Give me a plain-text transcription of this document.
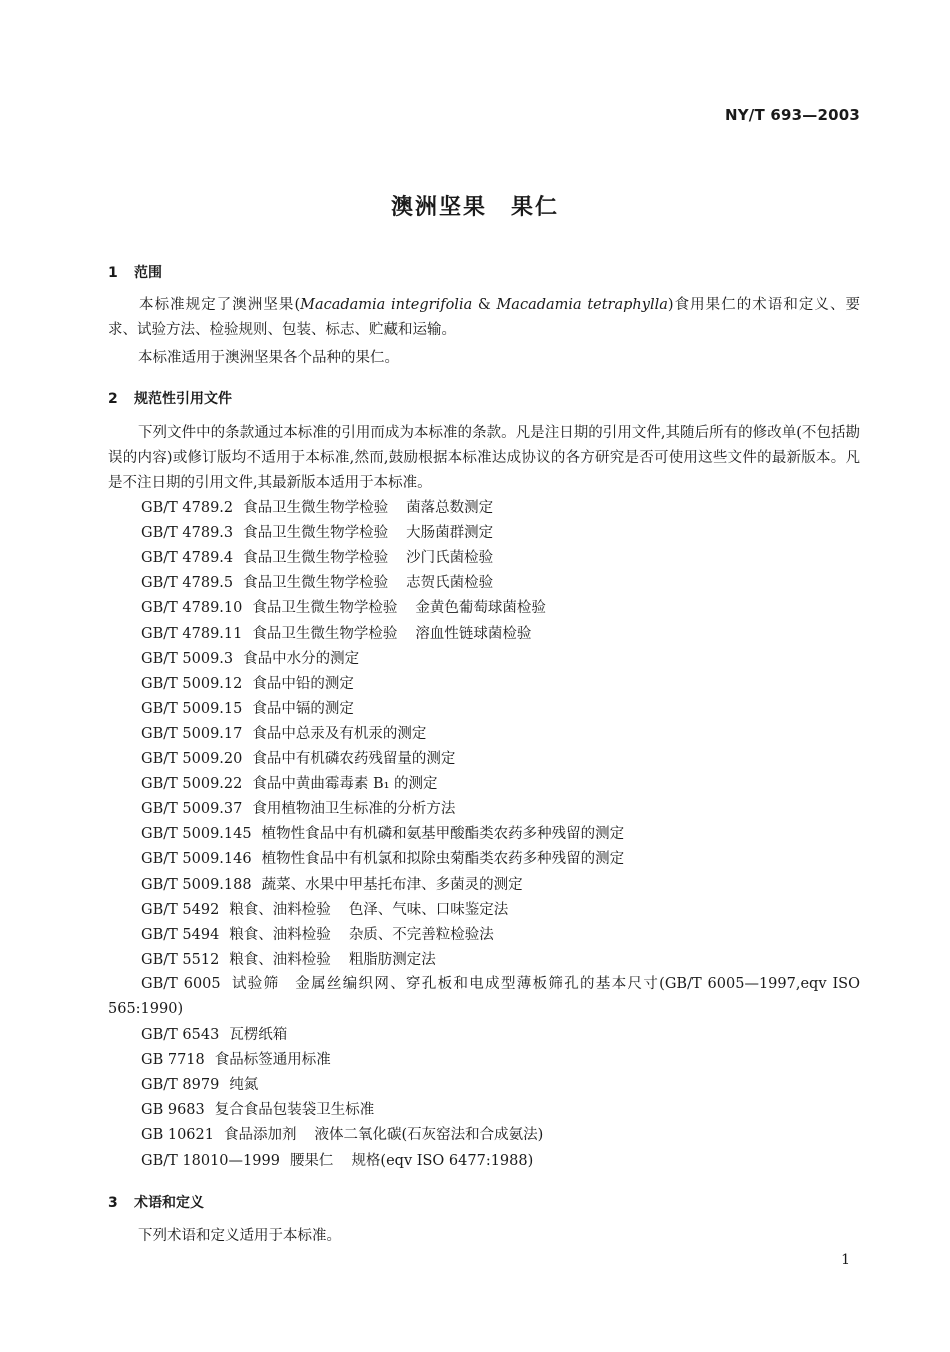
NY/T 693—2003
澳洲坚果　果仁
1 范围
本标准规定了澳洲坚果(Macadamia integrifolia & Macadamia tetraphylla)食用果仁的术语和定义、要求、试验方法、检验规则、包装、标志、贮藏和运输。
本标准适用于澳洲坚果各个品种的果仁。
2 规范性引用文件
下列文件中的条款通过本标准的引用而成为本标准的条款。凡是注日期的引用文件,其随后所有的修改单(不包括勘误的内容)或修订版均不适用于本标准,然而,鼓励根据本标准达成协议的各方研究是否可使用这些文件的最新版本。凡是不注日期的引用文件,其最新版本适用于本标准。
GB/T 4789.2 食品卫生微生物学检验 菌落总数测定
GB/T 4789.3 食品卫生微生物学检验 大肠菌群测定
GB/T 4789.4 食品卫生微生物学检验 沙门氏菌检验
GB/T 4789.5 食品卫生微生物学检验 志贺氏菌检验
GB/T 4789.10 食品卫生微生物学检验 金黄色葡萄球菌检验
GB/T 4789.11 食品卫生微生物学检验 溶血性链球菌检验
GB/T 5009.3 食品中水分的测定
GB/T 5009.12 食品中铅的测定
GB/T 5009.15 食品中镉的测定
GB/T 5009.17 食品中总汞及有机汞的测定
GB/T 5009.20 食品中有机磷农药残留量的测定
GB/T 5009.22 食品中黄曲霉毒素 B₁ 的测定
GB/T 5009.37 食用植物油卫生标准的分析方法
GB/T 5009.145 植物性食品中有机磷和氨基甲酸酯类农药多种残留的测定
GB/T 5009.146 植物性食品中有机氯和拟除虫菊酯类农药多种残留的测定
GB/T 5009.188 蔬菜、水果中甲基托布津、多菌灵的测定
GB/T 5492 粮食、油料检验 色泽、气味、口味鉴定法
GB/T 5494 粮食、油料检验 杂质、不完善粒检验法
GB/T 5512 粮食、油料检验 粗脂肪测定法
GB/T 6005 试验筛　金属丝编织网、穿孔板和电成型薄板筛孔的基本尺寸(GB/T 6005—1997,eqv ISO 565:1990)
GB/T 6543 瓦楞纸箱
GB 7718 食品标签通用标准
GB/T 8979 纯氮
GB 9683 复合食品包装袋卫生标准
GB 10621 食品添加剂 液体二氧化碳(石灰窑法和合成氨法)
GB/T 18010—1999 腰果仁 规格(eqv ISO 6477:1988)
3 术语和定义
下列术语和定义适用于本标准。
1
